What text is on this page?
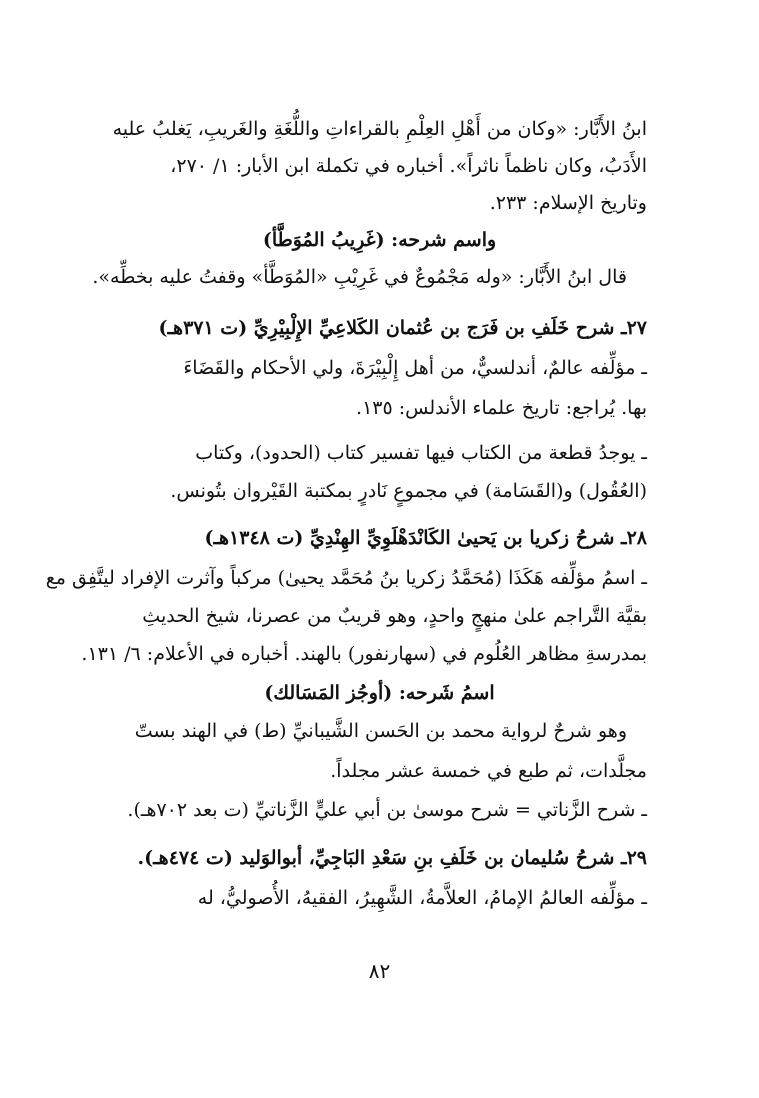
ابنُ الأَبَّار: «وكان من أَهْلِ العِلْمِ بالقراءاتِ واللُّغَةِ والغَريبِ، يَغلبُ عليه
الأَدَبُ، وكان ناظماً ناثراً». أخباره في تكملة ابن الأبار: ١/ ٢٧٠،
وتاريخ الإسلام: ٢٣٣.
واسم شرحه: (غَرِيبُ المُوَطَّأ)
قال ابنُ الأَبَّار: «وله مَجْمُوعٌ في غَرِيْبِ «المُوَطَّأ» وقفتُ عليه بخطِّه».
٢٧ـ شرح خَلَفِ بن فَرَج بن عُثمان الكَلاعِيِّ الإِلْبِيْرِيِّ (ت ٣٧١هـ)
ـ مؤلِّفه عالمٌ، أندلسيٌّ، من أهل إِلْبِيْرَةَ، ولي الأحكام والقَضَاءَ
بها. يُراجع: تاريخ علماء الأندلس: ١٣٥.
ـ يوجدُ قطعة من الكتاب فيها تفسير كتاب (الحدود)، وكتاب
(العُقُول) و(القَسَامة) في مجموعٍ نَادرٍ بمكتبة القَيْروان بتُونس.
٢٨ـ شرحُ زكريا بن يَحيىٰ الكَانْدَهْلَوِيِّ الهِنْدِيِّ (ت ١٣٤٨هـ)
ـ اسمُ مؤلِّفه هَكَذَا (مُحَمَّدُ زكريا بنُ مُحَمَّد يحيىٰ) مركباً وآثرت الإفراد ليتَّفِق مع
بقيَّة التَّراجم علىٰ منهجٍ واحدٍ، وهو قريبٌ من عصرنا، شيخ الحديثِ
بمدرسةِ مظاهر العُلُوم في (سهارنفور) بالهند. أخباره في الأعلام: ٦/ ١٣١.
اسمُ شَرحه: (أوجُز المَسَالك)
وهو شرحٌ لرواية محمد بن الحَسن الشَّيبانيِّ (ط) في الهند بستّ
مجلَّدات، ثم طبع في خمسة عشر مجلداً.
ـ شرح الزَّناتي = شرح موسىٰ بن أبي عليٍّ الزَّناتيِّ (ت بعد ٧٠٢هـ).
٢٩ـ شرحُ سُليمان بن خَلَفِ بنِ سَعْدِ البَاجِيِّ، أبوالوَليد (ت ٤٧٤هـ).
ـ مؤلِّفه العالمُ الإمامُ، العلاَّمةُ، الشَّهِيرُ، الفقيهُ، الأُصوليُّ، له
٨٢
